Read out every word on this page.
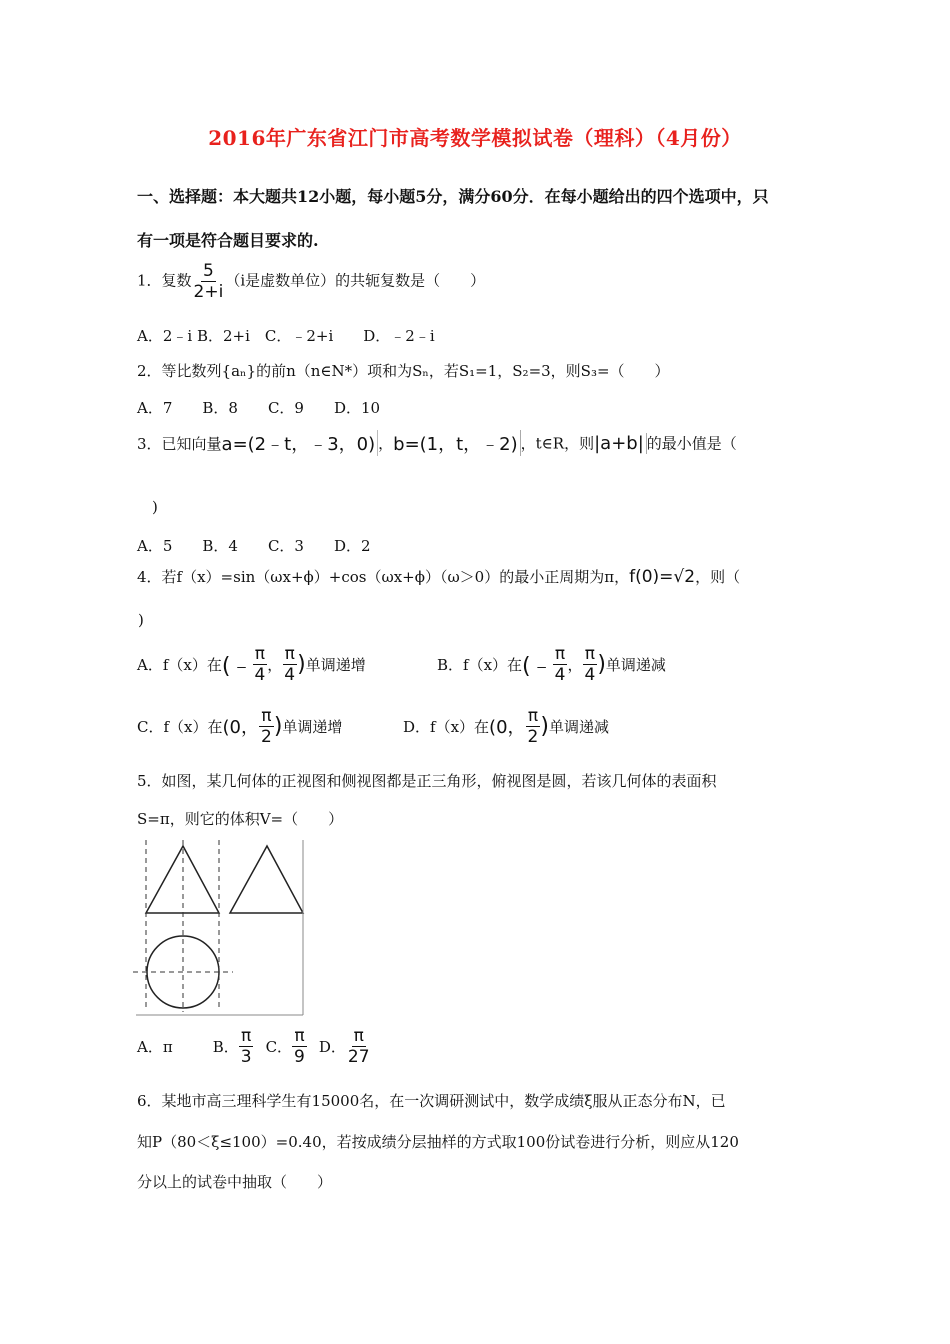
2016年广东省江门市高考数学模拟试卷（理科）（4月份）
一、选择题：本大题共12小题，每小题5分，满分60分．在每小题给出的四个选项中，只
有一项是符合题目要求的.
1．复数 $\frac{5}{2+i} (i$是虚数单位）的共轭复数是（　　）
A．2﹣i B．2+i　C．﹣2+i　　D．﹣2﹣i
2．等比数列{aₙ}的前n（n∈N*）项和为Sₙ，若S₁=1，S₂=3，则S₃=（　　）
A．7　　B．8　　C．9　　D．10
3．已知向量a=(2﹣t，﹣3，0) ，b=(1，t，﹣2) ，t∈R，则|a+b| 的最小值是（
)
A．5　　B．4　　C．3　　D．2
4．若f（x）=sin（ωx+ϕ）+cos（ωx+ϕ）（ω＞0）的最小正周期为π，f(0)=√2，则（
)
A．f（x）在 (﹣ $\frac{\pi}{4}$ ， $\frac{\pi}{4}$ ) 单调递增	B．f（x）在 (﹣ $\frac{\pi}{4}$ ， $\frac{\pi}{4}$ ) 单调递减
C．f（x）在 (0， $\frac{\pi}{2}$ ) 单调递增	D．f（x）在 (0， $\frac{\pi}{2}$ ) 单调递减
5．如图，某几何体的正视图和侧视图都是正三角形，俯视图是圆，若该几何体的表面积
S=π，则它的体积V=（　　）
A．π	B． $\frac{\pi}{3}$ C． $\frac{\pi}{9}$ D． $\frac{\pi}{27}$
6．某地市高三理科学生有15000名，在一次调研测试中，数学成绩ξ服从正态分布N，已
知P（80＜ξ≤100）=0.40，若按成绩分层抽样的方式取100份试卷进行分析，则应从120
分以上的试卷中抽取（　　）
